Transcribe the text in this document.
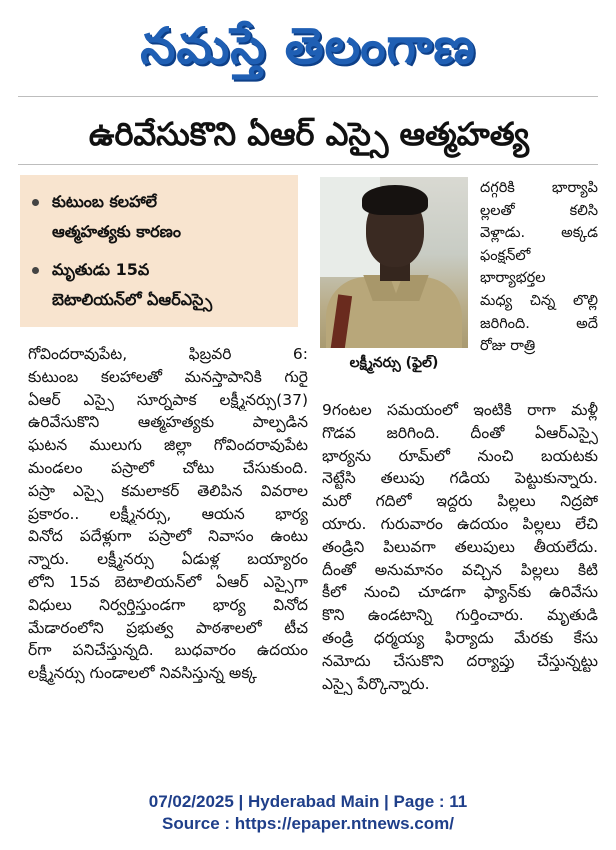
నమస్తే తెలంగాణ
ఉరివేసుకొని ఏఆర్‌ ఎస్సై ఆత్మహత్య
కుటుంబ కలహాలే
ఆత్మహత్యకు కారణం
మృతుడు 15వ
బెటాలియన్‌లో ఏఆర్‌ఎస్సై
లక్ష్మీనర్సు (ఫైల్‌)
గోవిందరావుపేట, ఫిబ్రవరి 6:
కుటుంబ కలహాలతో మనస్తాపానికి గురై
ఏఆర్‌ ఎస్సై సూర్నపాక లక్ష్మీనర్సు(37)
ఉరివేసుకొని ఆత్మహత్యకు పాల్పడిన
ఘటన ములుగు జిల్లా గోవిందరావుపేట
మండలం పస్రాలో చోటు చేసుకుంది.
పస్రా ఎస్సై కమలాకర్‌ తెలిపిన వివరాల
ప్రకారం.. లక్ష్మీనర్సు, ఆయన భార్య
వినోద పదేళ్లుగా పస్రాలో నివాసం ఉంటు
న్నారు. లక్ష్మీనర్సు ఏడుళ్ల బయ్యారం
లోని 15వ బెటాలియన్‌లో ఏఆర్‌ ఎస్సైగా
విధులు నిర్వర్తిస్తుండగా భార్య వినోద
మేడారంలోని ప్రభుత్వ పాఠశాలలో టీచ
ర్‌గా పనిచేస్తున్నది. బుధవారం ఉదయం
లక్ష్మీనర్సు గుండాలలో నివసిస్తున్న అక్క
దగ్గరికి భార్యాపి
ల్లలతో కలిసి
వెళ్లాడు. అక్కడ
ఫంక్షన్‌లో
భార్యాభర్తల
మధ్య చిన్న లొల్లి
జరిగింది. అదే
రోజు రాత్రి
9గంటల సమయంలో ఇంటికి రాగా మళ్లీ
గొడవ జరిగింది. దీంతో ఏఆర్‌ఎస్సై
భార్యను రూమ్‌లో నుంచి బయటకు
నెట్టేసి తలుపు గడియ పెట్టుకున్నారు.
మరో గదిలో ఇద్దరు పిల్లలు నిద్రపో
యారు. గురువారం ఉదయం పిల్లలు లేచి
తండ్రిని పిలువగా తలుపులు తీయలేదు.
దీంతో అనుమానం వచ్చిన పిల్లలు కిటి
కీలో నుంచి చూడగా ఫ్యాన్‌కు ఉరివేసు
కొని ఉండటాన్ని గుర్తించారు. మృతుడి
తండ్రి ధర్మయ్య ఫిర్యాదు మేరకు కేసు
నమోదు చేసుకొని దర్యాప్తు చేస్తున్నట్టు
ఎస్సై పేర్కొన్నారు.
07/02/2025 | Hyderabad Main | Page : 11
Source : https://epaper.ntnews.com/
